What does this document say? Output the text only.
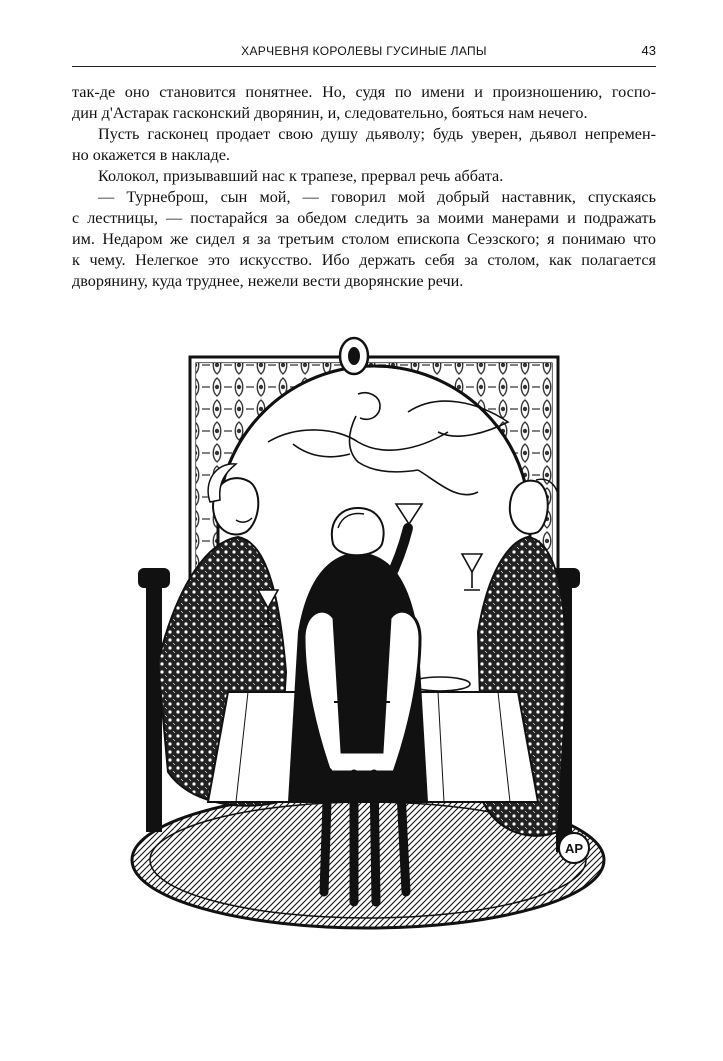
ХАРЧЕВНЯ КОРОЛЕВЫ ГУСИНЫЕ ЛАПЫ	43
так-де оно становится понятнее. Но, судя по имени и произношению, госпо-
дин д'Астарак гасконский дворянин, и, следовательно, бояться нам нечего.
Пусть гасконец продает свою душу дьяволу; будь уверен, дьявол непремен-
но окажется в накладе.
Колокол, призывавший нас к трапезе, прервал речь аббата.
— Турнеброш, сын мой, — говорил мой добрый наставник, спускаясь
с лестницы, — постарайся за обедом следить за моими манерами и подражать
им. Недаром же сидел я за третьим столом епископа Сеэзского; я понимаю что
к чему. Нелегкое это искусство. Ибо держать себя за столом, как полагается
дворянину, куда труднее, нежели вести дворянские речи.
АР
